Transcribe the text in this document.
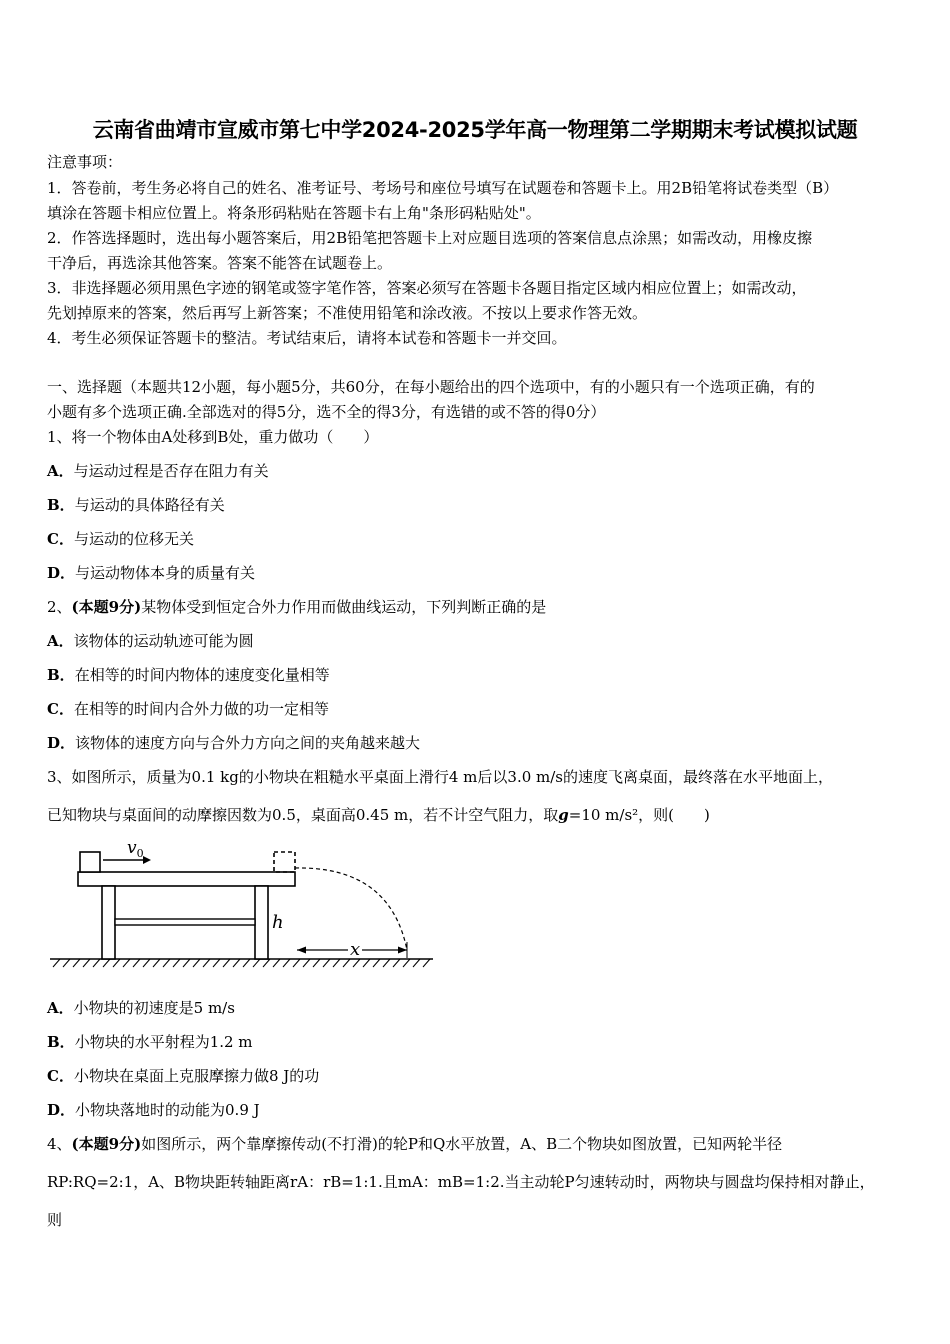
云南省曲靖市宣威市第七中学2024-2025学年高一物理第二学期期末考试模拟试题
注意事项：
1．答卷前，考生务必将自己的姓名、准考证号、考场号和座位号填写在试题卷和答题卡上。用2B铅笔将试卷类型（B）
填涂在答题卡相应位置上。将条形码粘贴在答题卡右上角"条形码粘贴处"。
2．作答选择题时，选出每小题答案后，用2B铅笔把答题卡上对应题目选项的答案信息点涂黑；如需改动，用橡皮擦
干净后，再选涂其他答案。答案不能答在试题卷上。
3．非选择题必须用黑色字迹的钢笔或签字笔作答，答案必须写在答题卡各题目指定区域内相应位置上；如需改动，
先划掉原来的答案，然后再写上新答案；不准使用铅笔和涂改液。不按以上要求作答无效。
4．考生必须保证答题卡的整洁。考试结束后，请将本试卷和答题卡一并交回。
一、选择题（本题共12小题，每小题5分，共60分，在每小题给出的四个选项中，有的小题只有一个选项正确，有的
小题有多个选项正确.全部选对的得5分，选不全的得3分，有选错的或不答的得0分）
1、将一个物体由A处移到B处，重力做功（　　）
A．与运动过程是否存在阻力有关
B．与运动的具体路径有关
C．与运动的位移无关
D．与运动物体本身的质量有关
2、(本题9分)某物体受到恒定合外力作用而做曲线运动，下列判断正确的是
A．该物体的运动轨迹可能为圆
B．在相等的时间内物体的速度变化量相等
C．在相等的时间内合外力做的功一定相等
D．该物体的速度方向与合外力方向之间的夹角越来越大
3、如图所示，质量为0.1 kg的小物块在粗糙水平桌面上滑行4 m后以3.0 m/s的速度飞离桌面，最终落在水平地面上，
已知物块与桌面间的动摩擦因数为0.5，桌面高0.45 m，若不计空气阻力，取g=10 m/s²，则(　　)
$v_0$
h
x
A．小物块的初速度是5 m/s
B．小物块的水平射程为1.2 m
C．小物块在桌面上克服摩擦力做8 J的功
D．小物块落地时的动能为0.9 J
4、(本题9分)如图所示，两个靠摩擦传动(不打滑)的轮P和Q水平放置，A、B二个物块如图放置，已知两轮半径
RP:RQ=2:1，A、B物块距转轴距离rA：rB=1:1.且mA：mB=1:2.当主动轮P匀速转动时，两物块与圆盘均保持相对静止，
则
